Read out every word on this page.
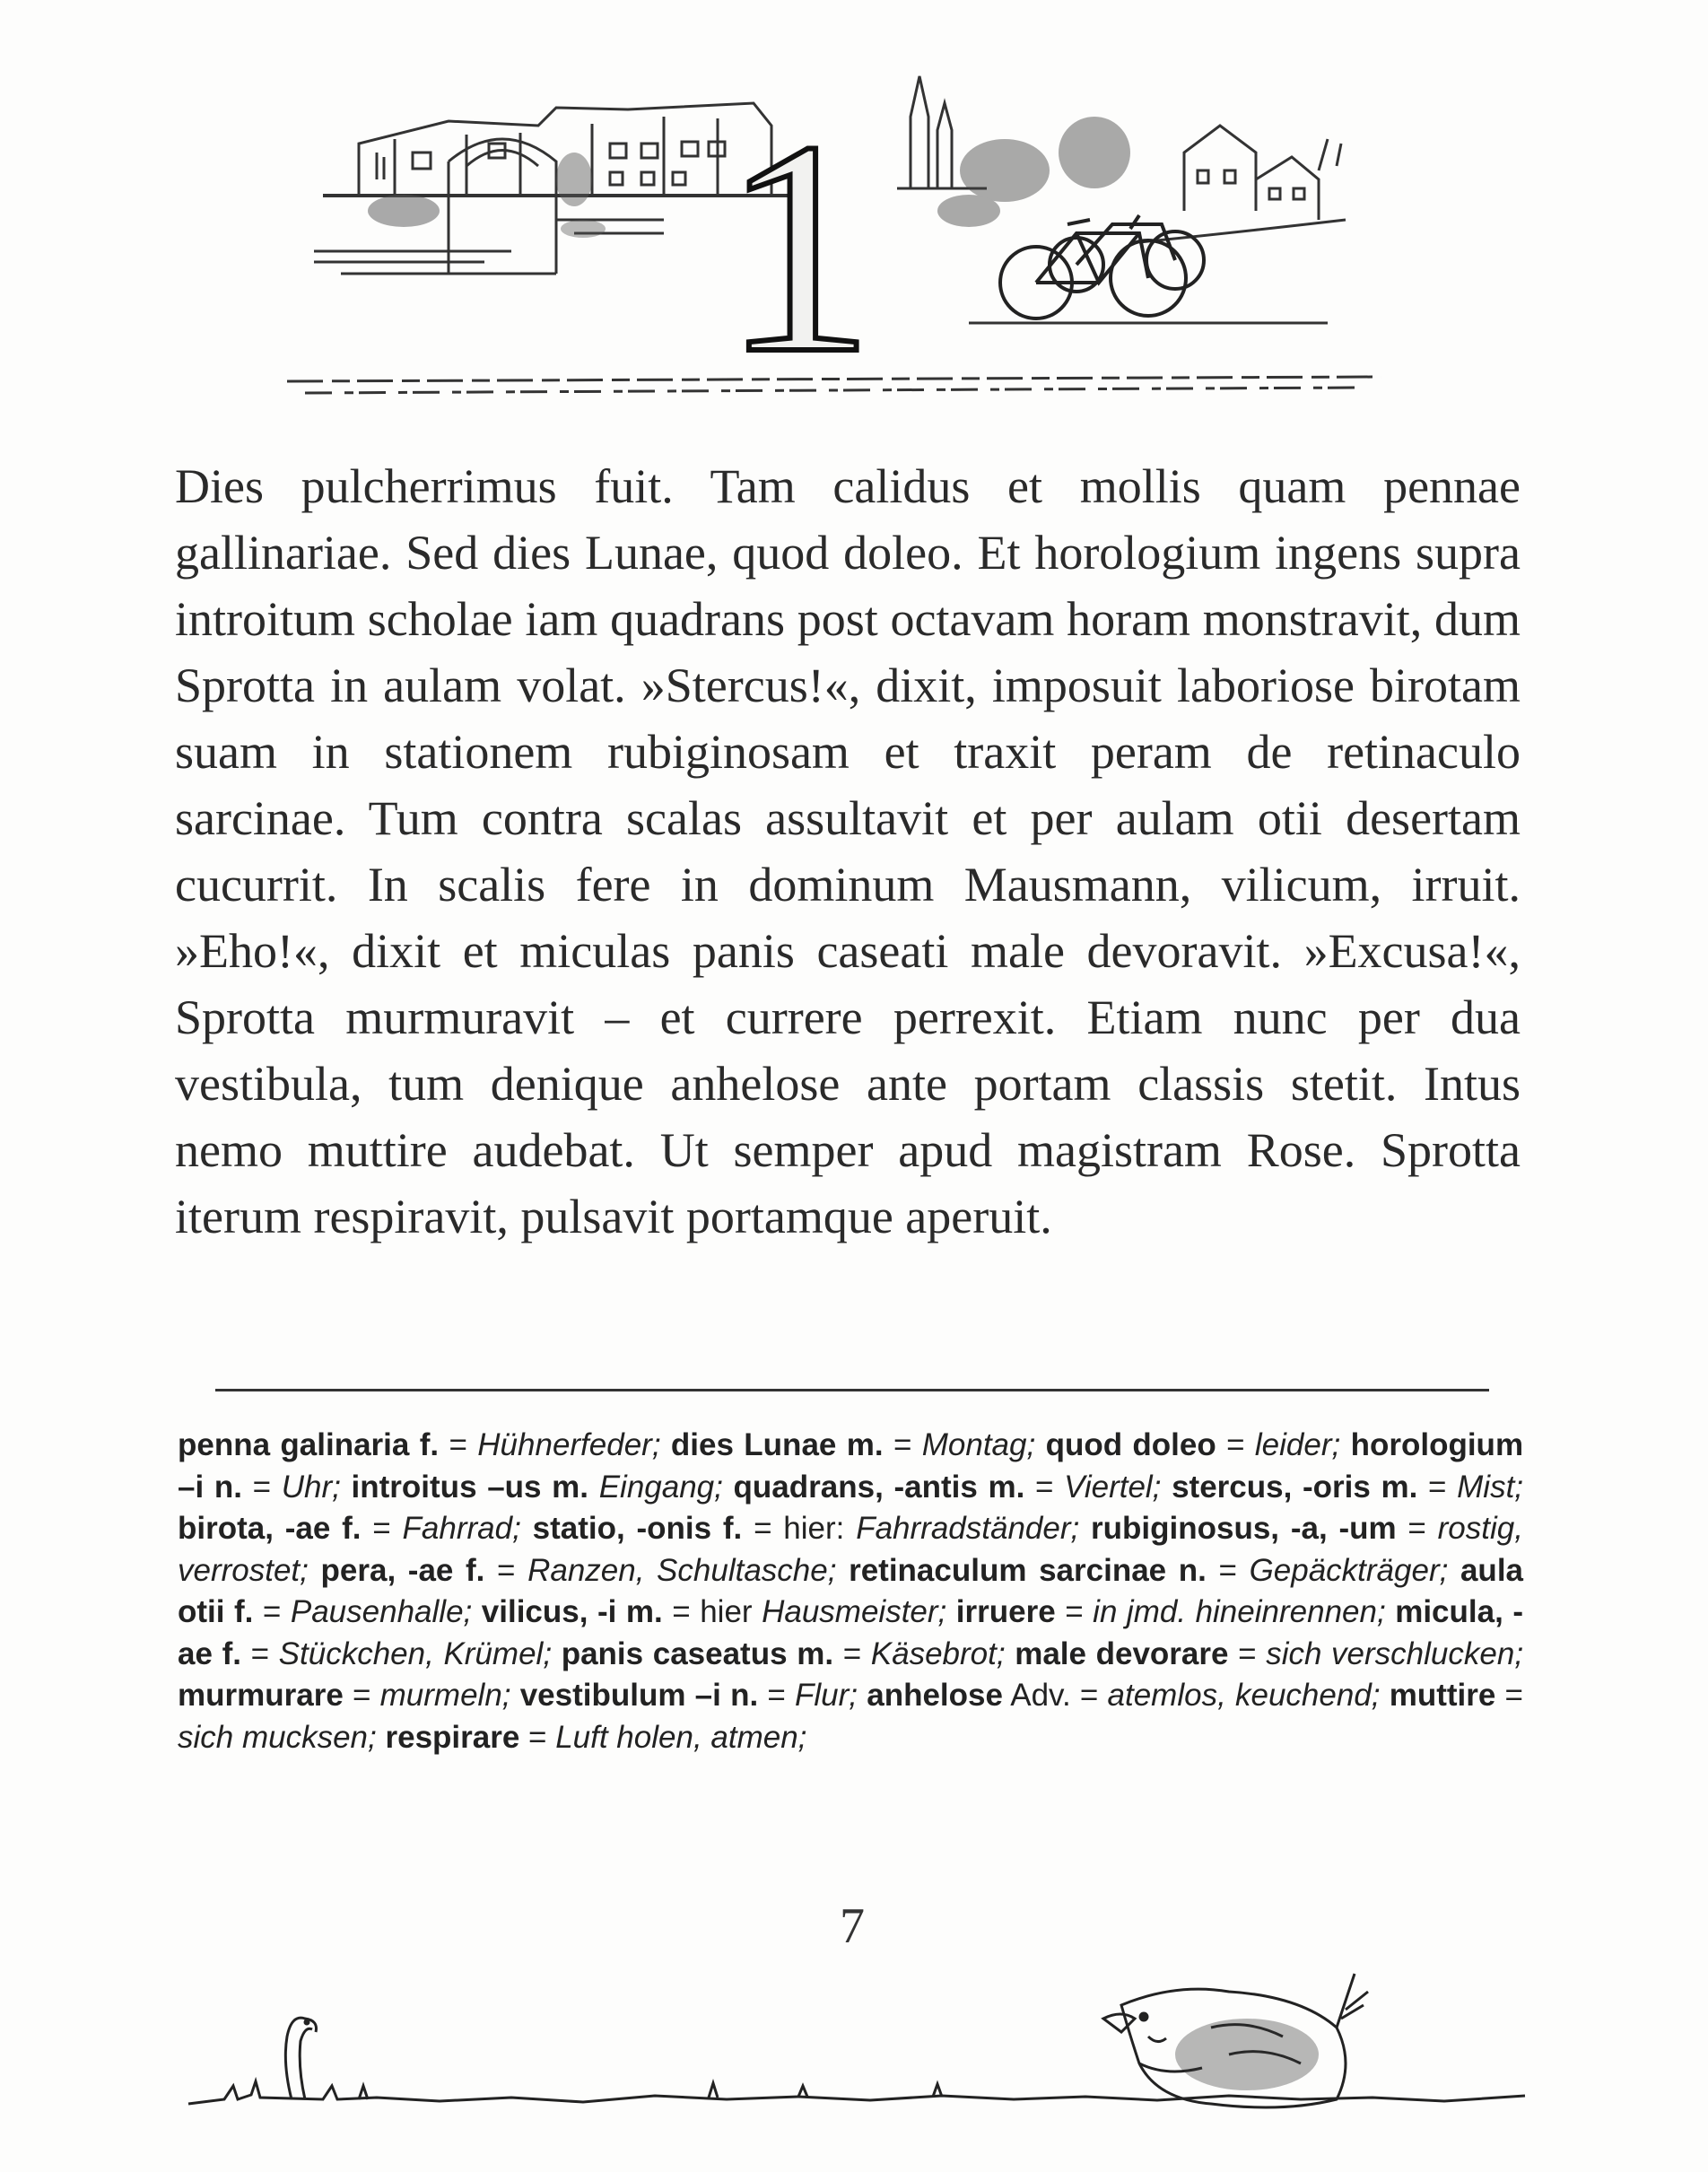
1

Dies pulcherrimus fuit. Tam calidus et mollis quam pennae gallinariae. Sed dies Lunae, quod doleo. Et horologium ingens supra introitum scholae iam quadrans post octavam horam monstravit, dum Sprotta in aulam volat. »Stercus!«, dixit, imposuit laboriose birotam suam in stationem rubiginosam et traxit peram de retinaculo sarcinae. Tum contra scalas assultavit et per aulam otii desertam cucurrit. In scalis fere in dominum Mausmann, vilicum, irruit. »Eho!«, dixit et miculas panis caseati male devoravit. »Excusa!«, Sprotta murmuravit – et currere perrexit. Etiam nunc per dua vestibula, tum denique anhelose ante portam classis stetit. Intus nemo muttire audebat. Ut semper apud magistram Rose. Sprotta iterum respiravit, pulsavit portamque aperuit.

penna galinaria f. = Hühnerfeder; dies Lunae m. = Montag; quod doleo = leider; horologium –i n. = Uhr; introitus –us m. Eingang; quadrans, -antis m. = Viertel; stercus, -oris m. = Mist; birota, -ae f. = Fahrrad; statio, -onis f. = hier: Fahrradständer; rubiginosus, -a, -um = rostig, verrostet; pera, -ae f. = Ranzen, Schultasche; retinaculum sarcinae n. = Gepäckträger; aula otii f. = Pausenhalle; vilicus, -i m. = hier Hausmeister; irruere = in jmd. hineinrennen; micula, -ae f. = Stückchen, Krümel; panis caseatus m. = Käsebrot; male devorare = sich verschlucken; murmurare = murmeln; vestibulum –i n. = Flur; anhelose Adv. = atemlos, keuchend; muttire = sich mucksen; respirare = Luft holen, atmen;

7
